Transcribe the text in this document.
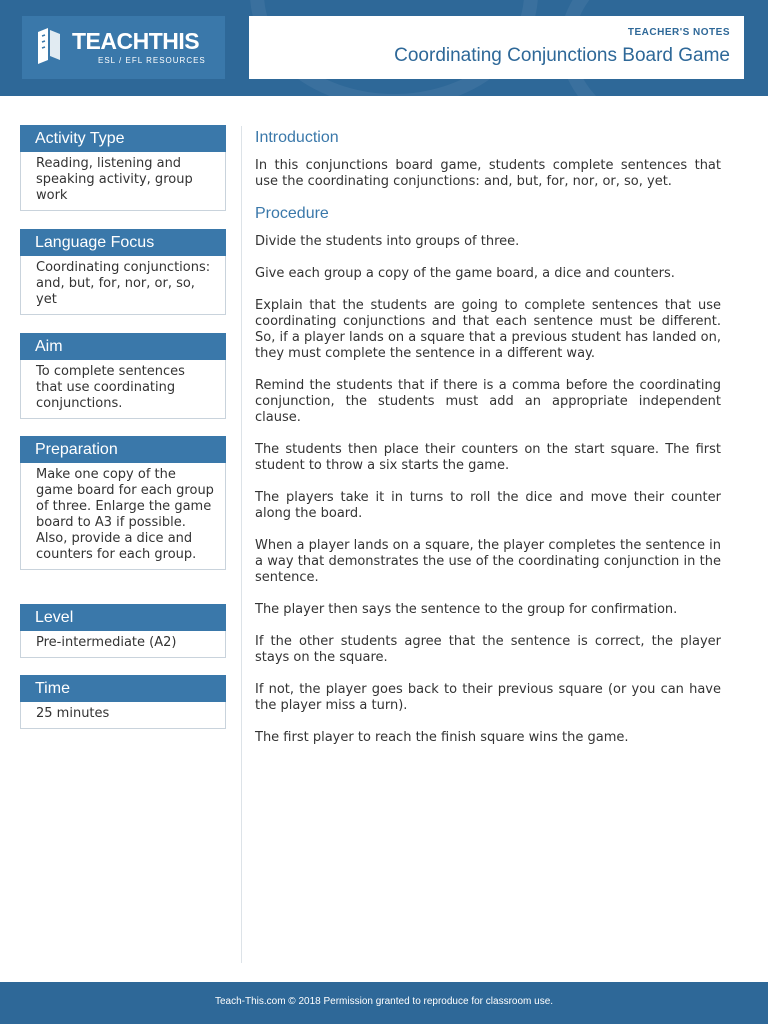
TEACHTHIS
ESL / EFL RESOURCES
TEACHER'S NOTES
Coordinating Conjunctions Board Game
Activity Type
Reading, listening and speaking activity, group work
Language Focus
Coordinating conjunctions: and, but, for, nor, or, so, yet
Aim
To complete sentences that use coordinating conjunctions.
Preparation
Make one copy of the game board for each group of three. Enlarge the game board to A3 if possible. Also, provide a dice and counters for each group.
Level
Pre-intermediate (A2)
Time
25 minutes
Introduction

In this conjunctions board game, students complete sentences that use the coordinating conjunctions: and, but, for, nor, or, so, yet.

Procedure

Divide the students into groups of three.

Give each group a copy of the game board, a dice and counters.

Explain that the students are going to complete sentences that use coordinating conjunctions and that each sentence must be different. So, if a player lands on a square that a previous student has landed on, they must complete the sentence in a different way.

Remind the students that if there is a comma before the coordinating conjunction, the students must add an appropriate independent clause.

The students then place their counters on the start square. The first student to throw a six starts the game.

The players take it in turns to roll the dice and move their counter along the board.

When a player lands on a square, the player completes the sentence in a way that demonstrates the use of the coordinating conjunction in the sentence.

The player then says the sentence to the group for confirmation.

If the other students agree that the sentence is correct, the player stays on the square.

If not, the player goes back to their previous square (or you can have the player miss a turn).

The first player to reach the finish square wins the game.

Teach-This.com © 2018 Permission granted to reproduce for classroom use.
